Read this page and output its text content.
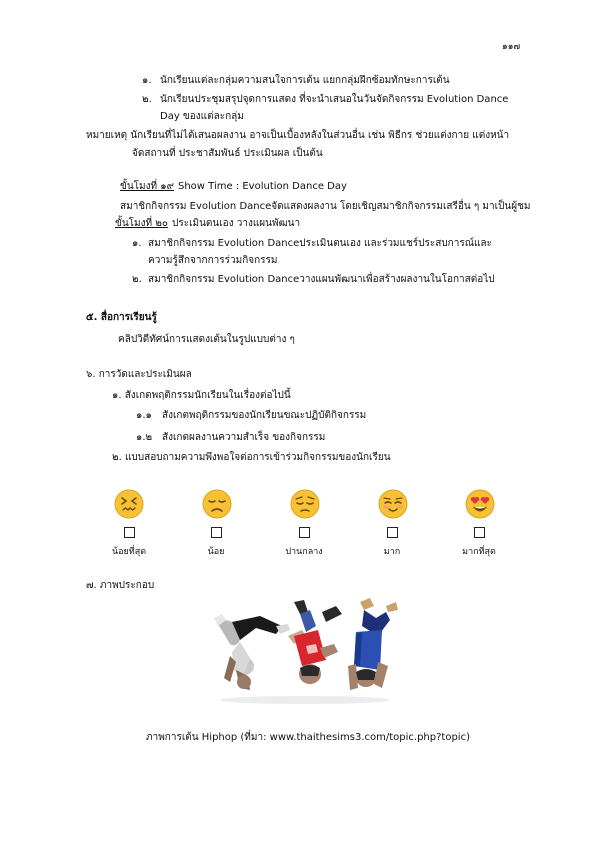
๑๑๗
๑. นักเรียนแต่ละกลุ่มความสนใจการเต้น แยกกลุ่มฝึกซ้อมทักษะการเต้น
๒. นักเรียนประชุมสรุปจุดการแสดง ที่จะนำเสนอในวันจัดกิจกรรม Evolution Dance
Day ของแต่ละกลุ่ม
หมายเหตุ นักเรียนที่ไม่ได้เสนอผลงาน อาจเป็นเบื้องหลังในส่วนอื่น เช่น พิธีกร ช่วยแต่งกาย แต่งหน้า
จัดสถานที่ ประชาสัมพันธ์ ประเมินผล เป็นต้น
ขั้นโมงที่ ๑๙ Show Time : Evolution Dance Day
สมาชิกกิจกรรม Evolution Danceจัดแสดงผลงาน โดยเชิญสมาชิกกิจกรรมเสรีอื่น ๆ มาเป็นผู้ชม
ขั้นโมงที่ ๒๐ ประเมินตนเอง วางแผนพัฒนา
๑. สมาชิกกิจกรรม Evolution Danceประเมินตนเอง และร่วมแชร์ประสบการณ์และ
ความรู้สึกจากการร่วมกิจกรรม
๒. สมาชิกกิจกรรม Evolution Danceวางแผนพัฒนาเพื่อสร้างผลงานในโอกาสต่อไป
๕. สื่อการเรียนรู้
คลิปวิดีทัศน์การแสดงเต้นในรูปแบบต่าง ๆ
๖. การวัดและประเมินผล
๑. สังเกตพฤติกรรมนักเรียนในเรื่องต่อไปนี้
๑.๑ สังเกตพฤติกรรมของนักเรียนขณะปฏิบัติกิจกรรม
๑.๒ สังเกตผลงานความสำเร็จ ของกิจกรรม
๒. แบบสอบถามความพึงพอใจต่อการเข้าร่วมกิจกรรมของนักเรียน
น้อยที่สุด	น้อย	ปานกลาง	มาก	มากที่สุด
๗. ภาพประกอบ
ภาพการเต้น Hiphop (ที่มา: www.thaithesims3.com/topic.php?topic)
